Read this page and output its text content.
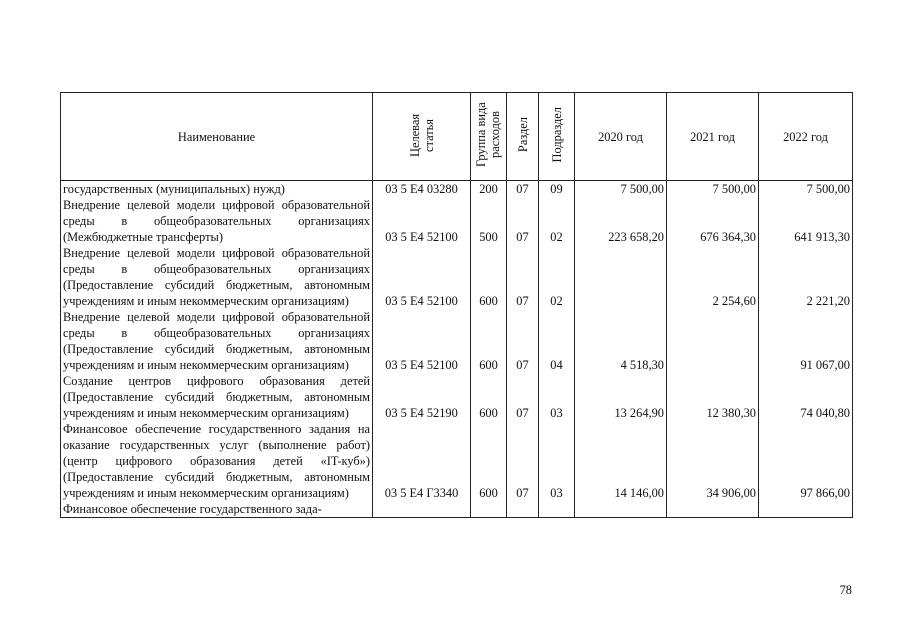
Наименование	Целевая статья	Группа вида расходов	Раздел	Подраздел	2020 год	2021 год	2022 год
государственных (муниципальных) нужд)	03 5 E4 03280	200	07	09	7 500,00	7 500,00	7 500,00
Внедрение целевой модели цифровой образовательной среды в общеобразовательных организациях (Межбюджетные трансферты)	03 5 E4 52100	500	07	02	223 658,20	676 364,30	641 913,30
Внедрение целевой модели цифровой образовательной среды в общеобразовательных организациях (Предоставление субсидий бюджетным, автономным учреждениям и иным некоммерческим организациям)	03 5 E4 52100	600	07	02		2 254,60	2 221,20
Внедрение целевой модели цифровой образовательной среды в общеобразовательных организациях (Предоставление субсидий бюджетным, автономным учреждениям и иным некоммерческим организациям)	03 5 E4 52100	600	07	04	4 518,30		91 067,00
Создание центров цифрового образования детей (Предоставление субсидий бюджетным, автономным учреждениям и иным некоммерческим организациям)	03 5 E4 52190	600	07	03	13 264,90	12 380,30	74 040,80
Финансовое обеспечение государственного задания на оказание государственных услуг (выполнение работ) (центр цифрового образования детей «IT-куб») (Предоставление субсидий бюджетным, автономным учреждениям и иным некоммерческим организациям)	03 5 E4 Г3340	600	07	03	14 146,00	34 906,00	97 866,00
Финансовое обеспечение государственного зада-							
78
